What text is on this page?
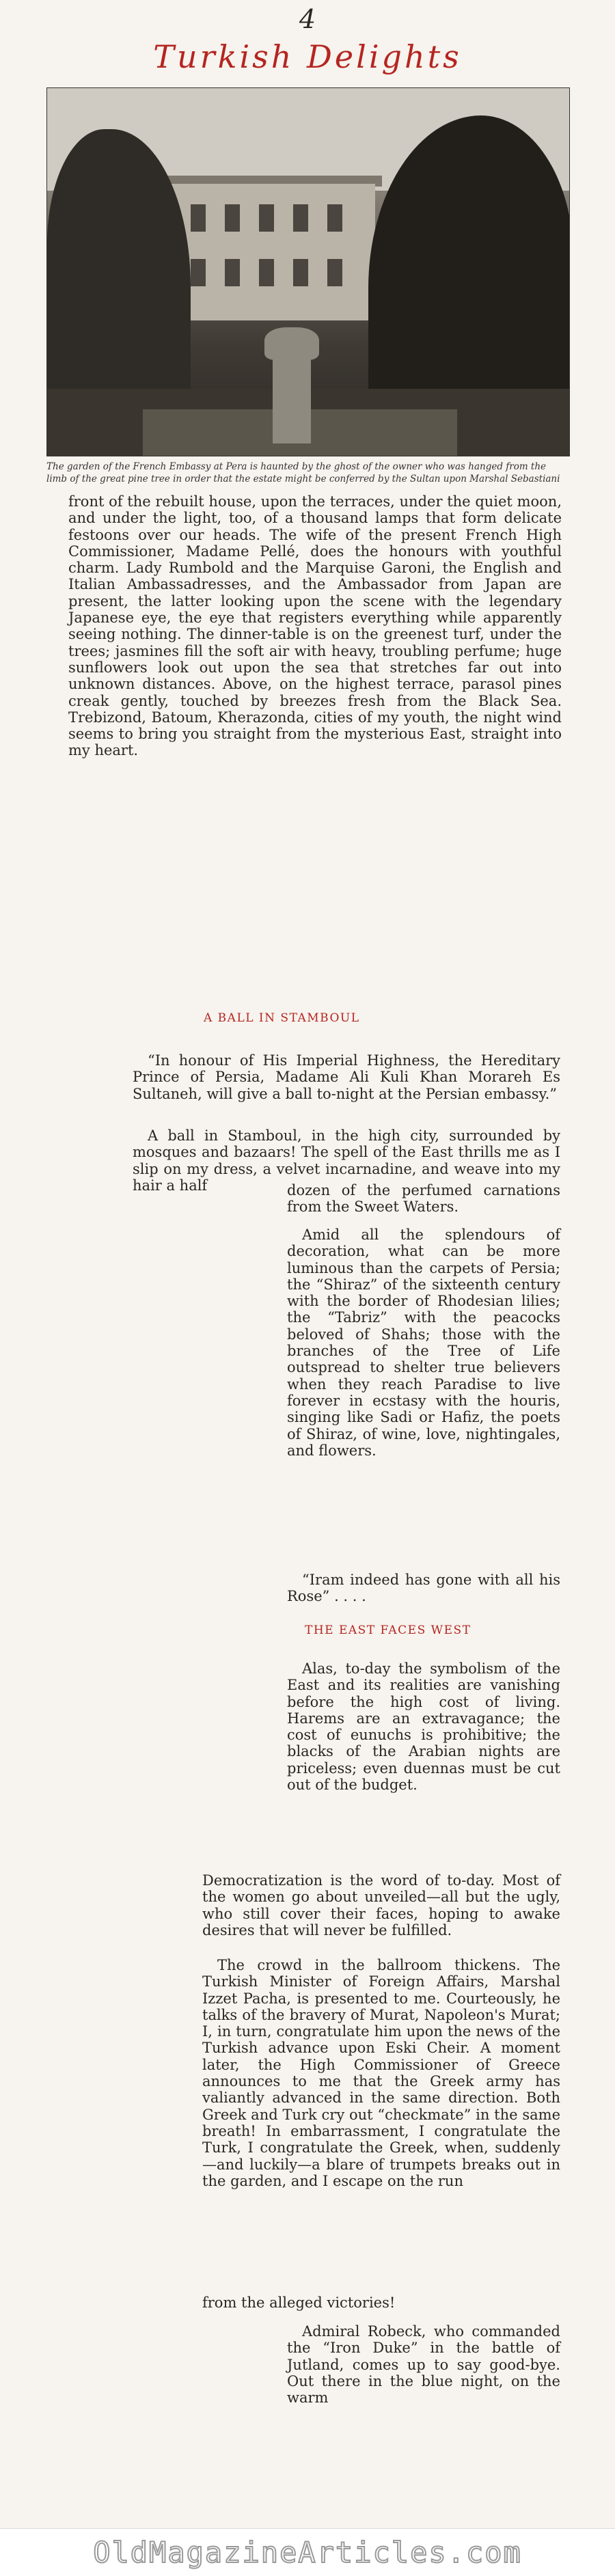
4
Turkish Delights
The garden of the French Embassy at Pera is haunted by the ghost of the owner who was hanged from the limb of the great pine tree in order that the estate might be conferred by the Sultan upon Marshal Sebastiani

front of the rebuilt house, upon the terraces, under the quiet moon, and under the light, too, of a thousand lamps that form delicate festoons over our heads. The wife of the present French High Commissioner, Madame Pellé, does the honours with youthful charm. Lady Rumbold and the Marquise Garoni, the English and Italian Ambassadresses, and the Ambassador from Japan are present, the latter looking upon the scene with the legendary Japanese eye, the eye that registers everything while apparently seeing nothing. The dinner-table is on the greenest turf, under the trees; jasmines fill the soft air with heavy, troubling perfume; huge sunflowers look out upon the sea that stretches far out into unknown distances. Above, on the highest terrace, parasol pines creak gently, touched by breezes fresh from the Black Sea. Trebizond, Batoum, Kherazonda, cities of my youth, the night wind seems to bring you straight from the mysterious East, straight into my heart.

A BALL IN STAMBOUL

“In honour of His Imperial Highness, the Hereditary Prince of Persia, Madame Ali Kuli Khan Morareh Es Sultaneh, will give a ball to-night at the Persian embassy.”

A ball in Stamboul, in the high city, surrounded by mosques and bazaars! The spell of the East thrills me as I slip on my dress, a velvet incarnadine, and weave into my hair a half	dozen of the perfumed carnations from the Sweet Waters.

Amid all the splendours of decoration, what can be more luminous than the carpets of Persia; the “Shiraz” of the sixteenth century with the border of Rhodesian lilies; the “Tabriz” with the peacocks beloved of Shahs; those with the branches of the Tree of Life outspread to shelter true believers when they reach Paradise to live forever in ecstasy with the houris, singing like Sadi or Hafiz, the poets of Shiraz, of wine, love, nightingales, and flowers.

“Iram indeed has gone with all his Rose” . . . .

THE EAST FACES WEST

Alas, to-day the symbolism of the East and its realities are vanishing before the high cost of living. Harems are an extravagance; the cost of eunuchs is prohibitive; the blacks of the Arabian nights are priceless; even duennas must be cut out of the budget.

Democratization is the word of to-day. Most of the women go about unveiled—all but the ugly, who still cover their faces, hoping to awake desires that will never be fulfilled.

The crowd in the ballroom thickens. The Turkish Minister of Foreign Affairs, Marshal Izzet Pacha, is presented to me. Courteously, he talks of the bravery of Murat, Napoleon's Murat; I, in turn, congratulate him upon the news of the Turkish advance upon Eski Cheir. A moment later, the High Commissioner of Greece announces to me that the Greek army has valiantly advanced in the same direction. Both Greek and Turk cry out “checkmate” in the same breath! In embarrassment, I congratulate the Turk, I congratulate the Greek, when, suddenly—and luckily—a blare of trumpets breaks out in the garden, and I escape on the run

from the alleged victories!

Admiral Robeck, who commanded the “Iron Duke” in the battle of Jutland, comes up to say good-bye. Out there in the blue night, on the warm

OldMagazineArticles.com
